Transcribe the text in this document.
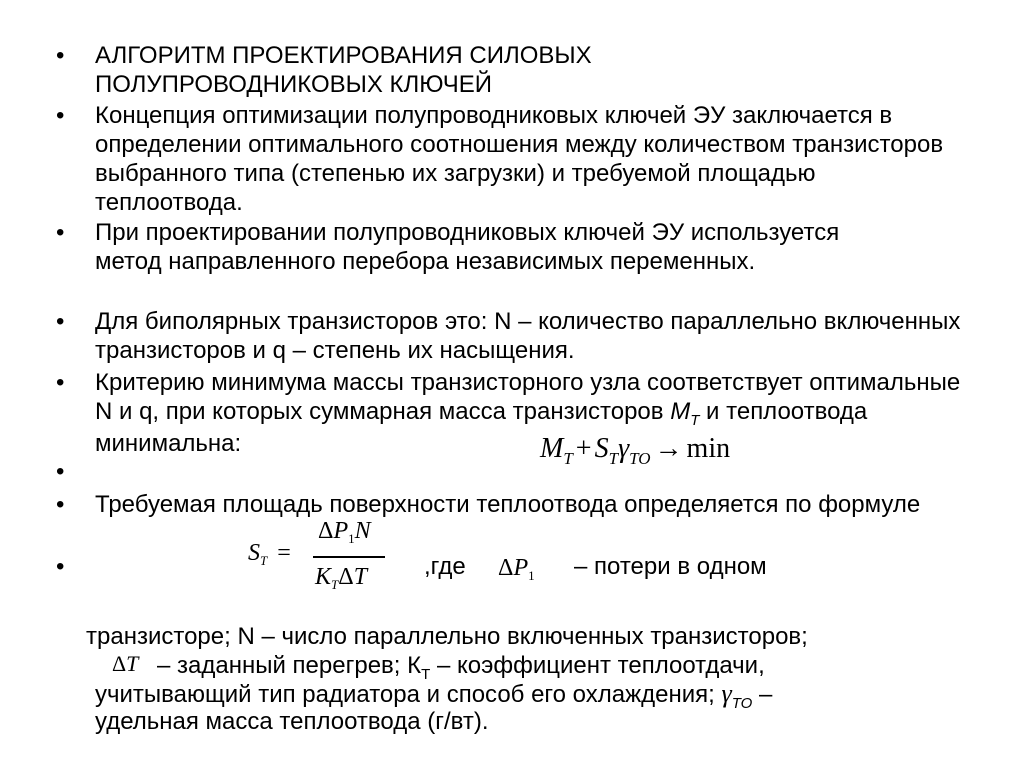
• АЛГОРИТМ ПРОЕКТИРОВАНИЯ СИЛОВЫХ ПОЛУПРОВОДНИКОВЫХ КЛЮЧЕЙ

• Концепция оптимизации полупроводниковых ключей ЭУ заключается в определении оптимального соотношения между количеством транзисторов выбранного типа (степенью их загрузки) и требуемой площадью теплоотвода.

• При проектировании полупроводниковых ключей ЭУ используется метод направленного перебора независимых переменных.

• Для биполярных транзисторов это: N – количество параллельно включенных транзисторов и q – степень их насыщения.

• Критерию минимума массы транзисторного узла соответствует оптимальные N и q, при которых суммарная масса транзисторов $M_T$ и теплоотвода минимальна:	$M_T + S_T\gamma_{TO} \to \min$
•
• Требуемая площадь поверхности теплоотвода определяется по формуле

•	$S_T$ =
$\Delta P_1N$
$K_T\Delta T$ ,где $\Delta P_1$ – потери в одном
транзисторе; N – число параллельно включенных транзисторов;
ΔT – заданный перегрев; $К_Т$ – коэффициент теплоотдачи,
учитывающий тип радиатора и способ его охлаждения; $\gamma_{TO}$ –
удельная масса теплоотвода (г/вт).
